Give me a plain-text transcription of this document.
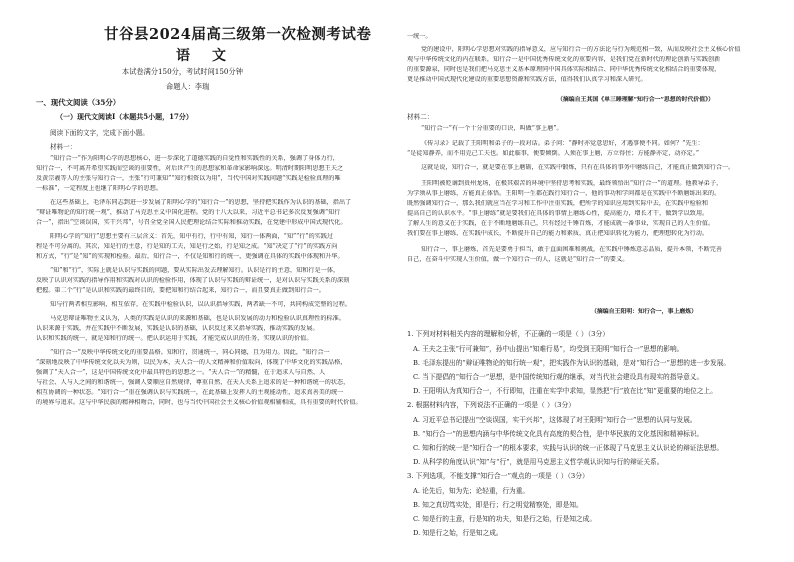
甘谷县2024届高三级第一次检测考试卷
语文
本试卷满分150分，考试时间150分钟
命题人：李瑞
一、现代文阅读（35分）
（一）现代文阅读Ⅰ（本题共5小题，17分）
阅读下面的文字，完成下面小题。
材料一：
“知行合一”作为阳明心学的思想核心，进一步深化了道德实践的自觉性和实践性的关系，强调了身体力行，
知行合一，不可离开希望实践而空谈的重要性，对后世产生的思想家和革命家影响深远。明清时期阳明思想王夫之
及黄宗羲等人的主张与知行合一，主张“行可兼知”“知行相资以为用”，当代中国对实践问题“实践是检验真理的唯
一标准”，一定程度上也继了阳明心学的思想。
在这些基础上，毛泽东同志到进一步发展了阳明心学的“知行合一”的思想，坚持把实践作为认识的基础，指出了
“辩证唯物论的知行统一观”，推动了马克思主义中国化进程。党的十八大以来，习近平总书记多次反复强调“知行
合一”，指出“空谈误国，实干兴邦”，号召全党全国人民把理论结合实际和推动实践，在党建中形成中国式现代化。
阳明心学的“知行”思想主要有三层含义：首先，知中有行，行中有知，知行一体两面，“知”“行”的实践过
程是不可分离的。其次，知是行的主意，行是知的工夫，知是行之始，行是知之成。“知”决定了“行”的实践方向
和方式，“行”是“知”的实现和检验。最后，知行合一，不仅是知和行的统一，更强调在具体的实践中体现和升华。
“知”和“行”，实际上就是认识与实践的问题，要从实际出发去理解知行。认识是行的主意，知和行是一体，
反映了认识对实践的指导作用和实践对认识的检验作用，体现了认识与实践的辩证统一，是对认识与实践关系的深刻
把握。第二个“行”是认识和实践的最终目的，要把知和行结合起来，知行合一，而且要真正做到知行合一。
知与行两者相互影响，相互依存，在实践中检验认识，以认识指导实践，两者缺一不可，共同构成完整的过程。
马克思辩证唯物主义认为，人类的实践是认识的来源和基础，也是认识发展的动力和检验认识真理性的标准。
认识来源于实践，并在实践中不断发展，实践是认识的基础，认识反过来又指导实践，推动实践的发展。
认识和实践的统一，就是知和行的统一。把认识运用于实践，才能完成认识的任务，实现认识的价值。
“知行合一”反映中华传统文化的重要品格。知和行，贯通统一，同心同德，且为用力。因此，“知行合一
”深刻地反映了中华传统文化以天为则，以民为本，天人合一的人文精神和价值取向，体现了中华文化的实践品格，
强调了“天人合一”，这是中国传统文化中最具特色的思想之一。“天人合一”的精髓，在于追求人与自然、人
与社会、人与人之间的和谐统一，强调人要顺应自然规律，尊重自然，在天人关系上追求的是一种和谐统一的状态，
相互协调的一种状态。“知行合一”重在强调认识与实践统一，在此基础上发挥人的主观能动性，追求真善美的统一
的境界与追求。这与中华民族的精神相吻合，同时，也与当代中国社会主义核心价值观相辅相成，具有重要的时代价值。
一统一。
党的建设中，阳明心学思想对实践的指导意义，应与知行合一的方法论与行为规范相一致，从而反映社会主义核心价值
观与中华传统文化的内在联系，知行合一是中国优秀传统文化的重要内容，是我们党在新时代的理论创新与实践创新
的重要源泉，同时也是我们把马克思主义基本原理同中国具体实际相结合、同中华优秀传统文化相结合的重要体现，
更是推动中国式现代化建设的重要思想资源和实践方法，值得我们认真学习和深入研究。
（摘编自王其国《单三睡理解“知行合一”思想的时代价值》）
材料二：
“知行合一”有一个十分重要的口诀，叫做“事上磨”。
《传习录》记载了王阳明和弟子的一段对话。弟子问：“静时亦觉意思好，才遇事便不同。如何？”先生：
“是徒知静养，而不用克己工夫也。如此临事，便要倾倒。人须在事上磨，方立得住；方能静亦定，动亦定。”
这就是说，知行合一，就是要在事上磨砺，在实践中锻炼，只有在具体的事务中磨练自己，才能真正做到知行合一。
王阳明被贬谪到贵州龙场，在极其艰苦的环境中坚持思考和实践，最终领悟出“知行合一”的道理。他教导弟子，
为学须从事上磨练，方能真正体悟。王阳明一生都在践行知行合一，他的事功和学问都是在实践中不断磨练出来的。
既然强调知行合一，那么我们就应当在学习和工作中注重实践，把所学的知识应用到实际中去，在实践中检验和
提高自己的认识水平。“事上磨练”就是要我们在具体的事情上磨练心性，提高能力，增长才干，做到学以致用。
了解人生的意义在于实践，在于不断地磨练自己，只有经过千锤百炼，才能成就一番事业，实现自己的人生价值。
我们要在事上磨练，在实践中成长，不断提升自己的能力和素质，真正把知识转化为能力，把理想转化为行动。
知行合一，事上磨炼，首先是要勇于担当，敢于直面困难和挑战，在实践中锤炼意志品质，提升本领，不断完善
自己，在奋斗中实现人生价值，做一个知行合一的人，这就是“知行合一”的要义。
（摘编自王阳明：知行合一，事上磨炼）
1. 下列对材料相关内容的理解和分析，不正确的一项是（ ）（3分）
A. 王夫之主张“行可兼知”，孙中山提出“知难行易”，均受到王阳明“知行合一”思想的影响。
B. 毛泽东提出的“辩证唯物论的知行统一观”，把实践作为认识的基础，是对“知行合一”思想的进一步发展。
C. 当下提倡的“知行合一”思想，是中国传统知行观的继承，对当代社会建设具有现实的指导意义。
D. 王阳明认为真知行合一，不行即知，注重在实学中求知，显然把“行”放在比“知”更重要的地位之上。
2. 根据材料内容，下列说法不正确的一项是（ ）（3分）
A. 习近平总书记提出“空谈误国，实干兴邦”，这体现了对王阳明“知行合一”思想的认同与发展。
B. “知行合一”的思想内涵与中华传统文化具有高度的契合性，是中华民族的文化基因和精神标识。
C. 知和行的统一是“知行合一”的根本要求，实践与认识的统一正体现了马克思主义认识论的辩证法思想。
D. 从科学的角度认识“知”与“行”，就是用马克思主义哲学观认识知与行的辩证关系。
3. 下列选项，不能支撑“知行合一”观点的一项是（ ）（3分）
A. 论先后，知为先；论轻重，行为重。
B. 知之真切笃实处，即是行；行之明觉精察处，即是知。
C. 知是行的主意，行是知的功夫，知是行之始，行是知之成。
D. 知是行之始，行是知之成。
